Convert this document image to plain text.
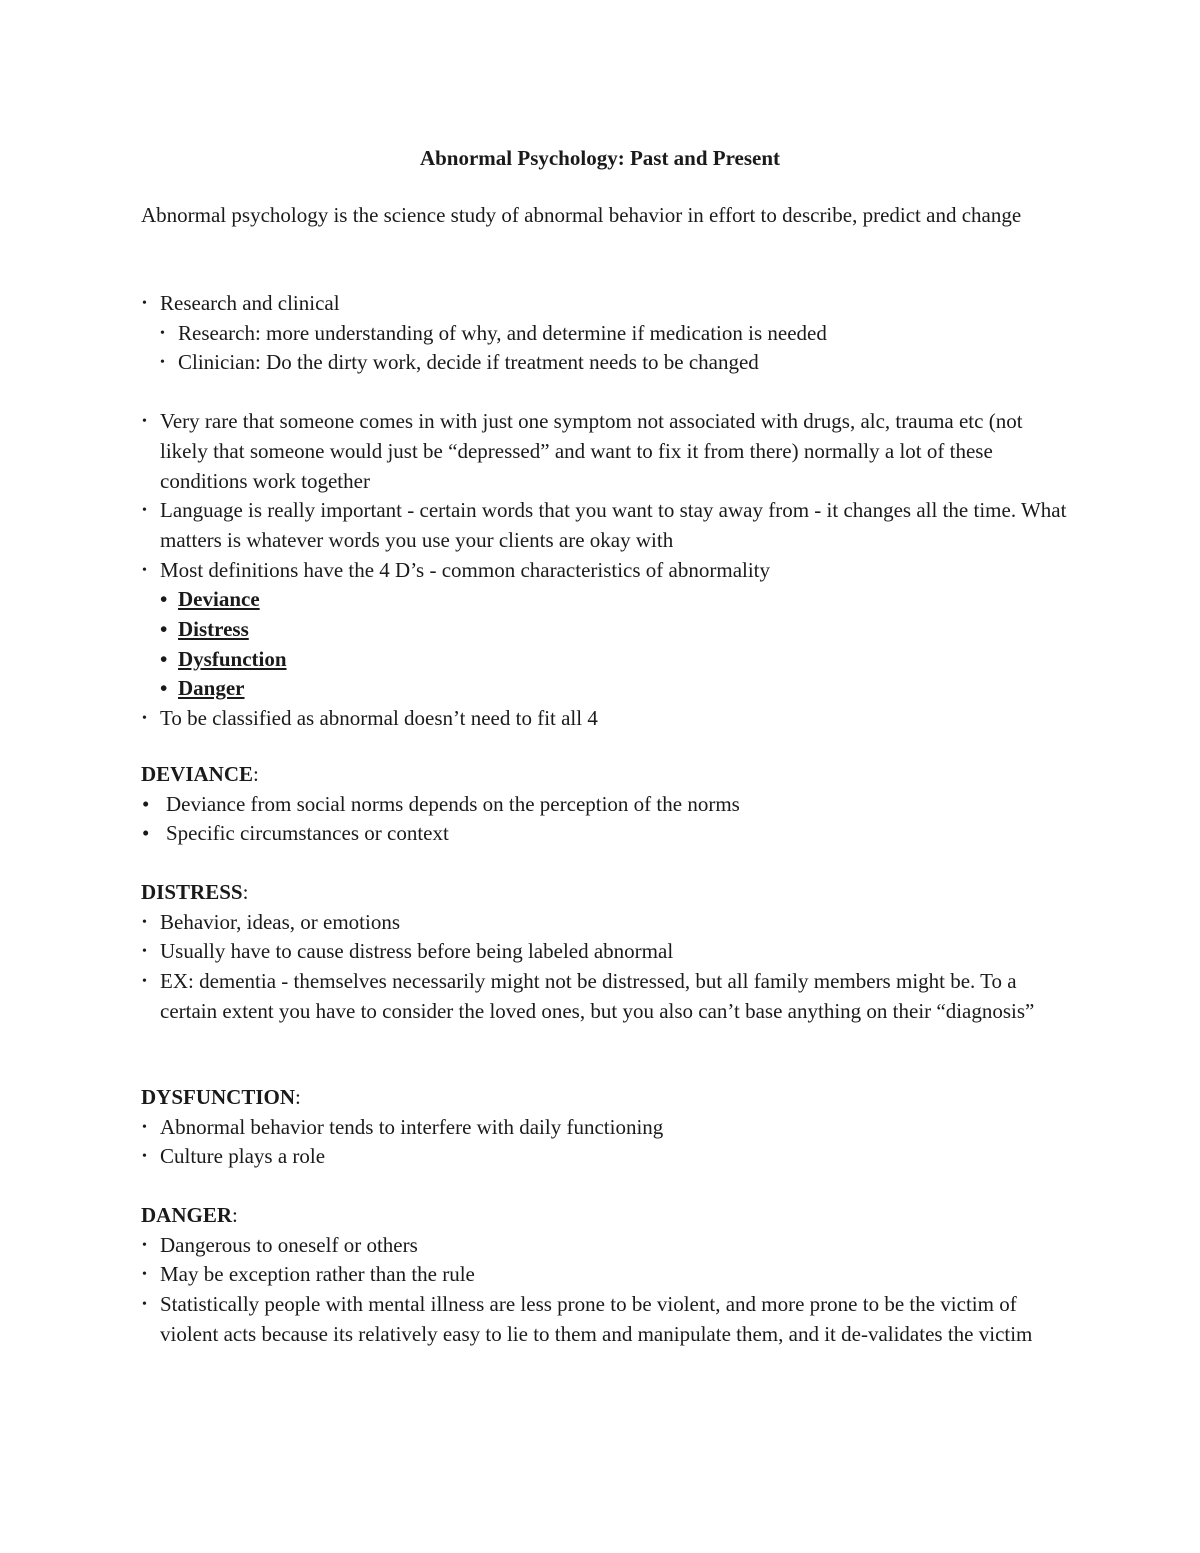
Abnormal Psychology: Past and Present
Abnormal psychology is the science study of abnormal behavior in effort to describe, predict and change
• Research and clinical
• Research: more understanding of why, and determine if medication is needed
• Clinician: Do the dirty work, decide if treatment needs to be changed
• Very rare that someone comes in with just one symptom not associated with drugs, alc, trauma etc (not likely that someone would just be “depressed” and want to fix it from there) normally a lot of these conditions work together
• Language is really important - certain words that you want to stay away from - it changes all the time. What matters is whatever words you use your clients are okay with
• Most definitions have the 4 D’s - common characteristics of abnormality
• Deviance
• Distress
• Dysfunction
• Danger
• To be classified as abnormal doesn’t need to fit all 4
DEVIANCE:
• Deviance from social norms depends on the perception of the norms
• Specific circumstances or context
DISTRESS:
• Behavior, ideas, or emotions
• Usually have to cause distress before being labeled abnormal
• EX: dementia - themselves necessarily might not be distressed, but all family members might be. To a certain extent you have to consider the loved ones, but you also can’t base anything on their “diagnosis”
DYSFUNCTION:
• Abnormal behavior tends to interfere with daily functioning
• Culture plays a role
DANGER:
• Dangerous to oneself or others
• May be exception rather than the rule
• Statistically people with mental illness are less prone to be violent, and more prone to be the victim of violent acts because its relatively easy to lie to them and manipulate them, and it de-validates the victim
